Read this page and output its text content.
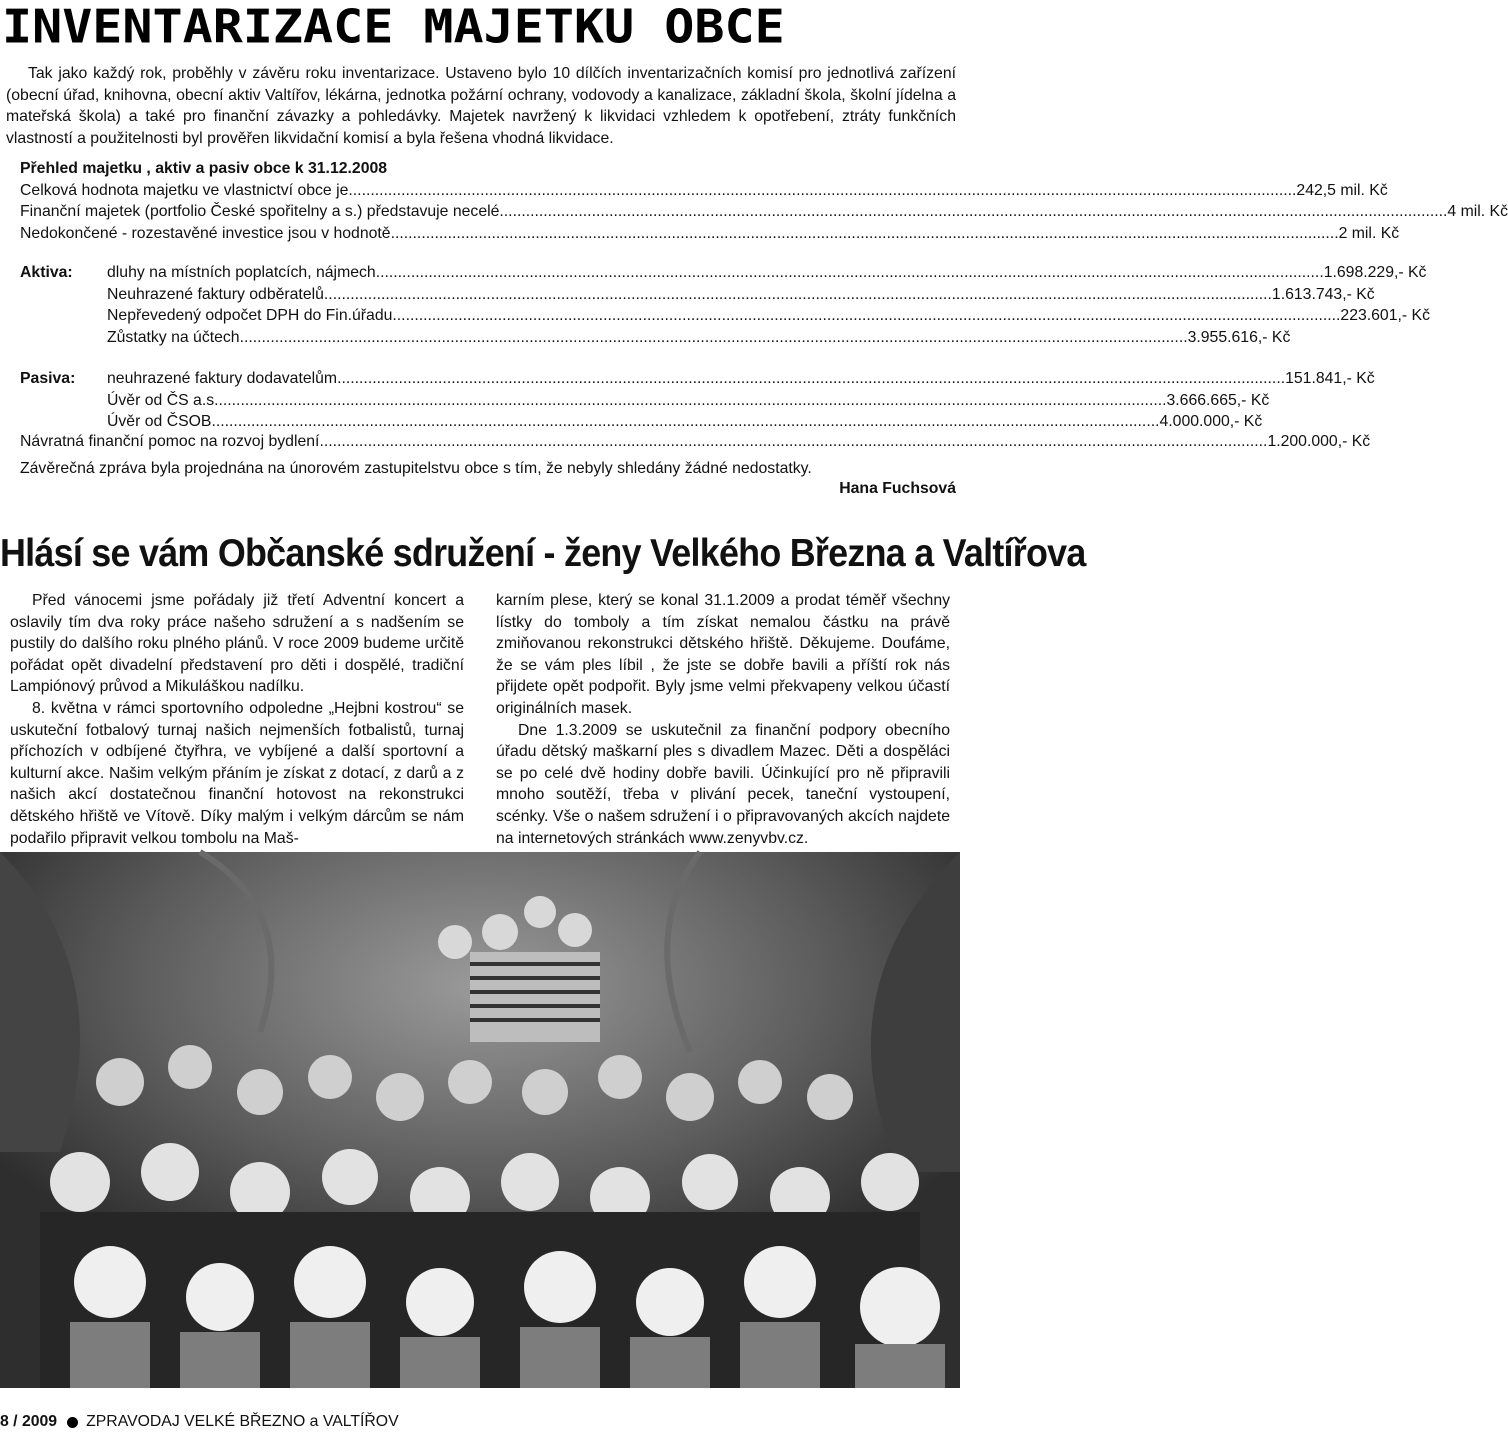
INVENTARIZACE MAJETKU OBCE
Tak jako každý rok, proběhly v závěru roku inventarizace. Ustaveno bylo 10 dílčích inventarizačních komisí pro jednotlivá zařízení (obecní úřad, knihovna, obecní aktiv Valtířov, lékárna, jednotka požární ochrany, vodovody a kanalizace, základní škola, školní jídelna a mateřská škola) a také pro finanční závazky a pohledávky. Majetek navržený k likvidaci vzhledem k opotřebení, ztráty funkčních vlastností a použitelnosti byl prověřen likvidační komisí a byla řešena vhodná likvidace.
Přehled majetku , aktiv a pasiv obce k 31.12.2008
Celková hodnota majetku ve vlastnictví obce je .....	242,5 mil. Kč
Finanční majetek (portfolio České spořitelny a s.) představuje necelé .....	4 mil. Kč
Nedokončené - rozestavěné investice jsou v hodnotě .....	2 mil. Kč
Aktiva: dluhy na místních poplatcích, nájmech .....	1.698.229,- Kč
Neuhrazené faktury odběratelů .....	1.613.743,- Kč
Nepřevedený odpočet DPH do Fin.úřadu .....	223.601,- Kč
Zůstatky na účtech .....	3.955.616,- Kč
Pasiva: neuhrazené faktury dodavatelům .....	151.841,- Kč
Úvěr od ČS a.s. .....	3.666.665,- Kč
Úvěr od ČSOB .....	4.000.000,- Kč
Návratná finanční pomoc na rozvoj bydlení .....	1.200.000,- Kč
Závěrečná zpráva byla projednána na únorovém zastupitelstvu obce s tím, že nebyly shledány žádné nedostatky.
Hana Fuchsová
Hlásí se vám Občanské sdružení - ženy Velkého Března a Valtířova

Před vánocemi jsme pořádaly již třetí Adventní koncert a oslavily tím dva roky práce našeho sdružení a s nadšením se pustily do dalšího roku plného plánů. V roce 2009 budeme určitě pořádat opět divadelní představení pro děti i dospělé, tradiční Lampiónový průvod a Mikuláškou nadílku.

8. května v rámci sportovního odpoledne „Hejbni kostrou“ se uskuteční fotbalový turnaj našich nejmenších fotbalistů, turnaj příchozích v odbíjené čtyřhra, ve vybíjené a další sportovní a kulturní akce. Našim velkým přáním je získat z dotací, z darů a z našich akcí dostatečnou finanční hotovost na rekonstrukci dětského hřiště ve Vítově. Díky malým i velkým dárcům se nám podařilo připravit velkou tombolu na Maš-

karním plese, který se konal 31.1.2009 a prodat téměř všechny lístky do tomboly a tím získat nemalou částku na právě zmiňovanou rekonstrukci dětského hřiště. Děkujeme. Doufáme, že se vám ples líbil , že jste se dobře bavili a příští rok nás přijdete opět podpořit. Byly jsme velmi překvapeny velkou účastí originálních masek.

Dne 1.3.2009 se uskutečnil za finanční podpory obecního úřadu dětský maškarní ples s divadlem Mazec. Děti a dospěláci se po celé dvě hodiny dobře bavili. Účinkující pro ně připravili mnoho soutěží, třeba v plivání pecek, taneční vystoupení, scénky. Vše o našem sdružení i o připravovaných akcích najdete na internetových stránkách www.zenyvbv.cz.

8 / 2009 ZPRAVODAJ VELKÉ BŘEZNO a VALTÍŘOV
